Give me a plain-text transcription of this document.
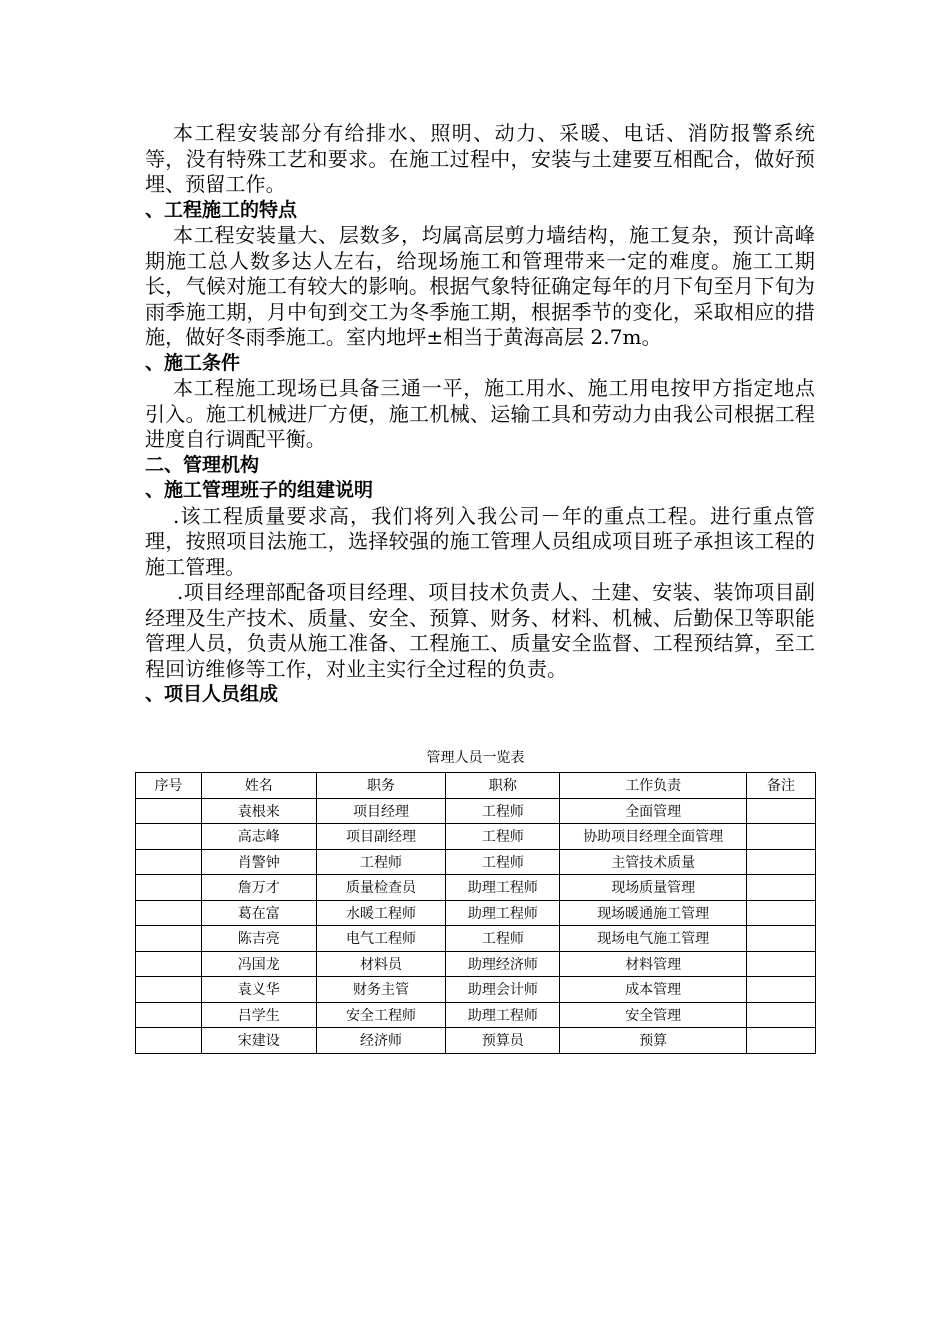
本工程安装部分有给排水、照明、动力、采暖、电话、消防报警系统等，没有特殊工艺和要求。在施工过程中，安装与土建要互相配合，做好预埋、预留工作。

、工程施工的特点

本工程安装量大、层数多，均属高层剪力墙结构，施工复杂，预计高峰期施工总人数多达人左右，给现场施工和管理带来一定的难度。施工工期长，气候对施工有较大的影响。根据气象特征确定每年的月下旬至月下旬为雨季施工期，月中旬到交工为冬季施工期，根据季节的变化，采取相应的措施，做好冬雨季施工。室内地坪±相当于黄海高层 2.7m。

、施工条件

本工程施工现场已具备三通一平，施工用水、施工用电按甲方指定地点引入。施工机械进厂方便，施工机械、运输工具和劳动力由我公司根据工程进度自行调配平衡。

二、管理机构

、施工管理班子的组建说明

.该工程质量要求高，我们将列入我公司－年的重点工程。进行重点管理，按照项目法施工，选择较强的施工管理人员组成项目班子承担该工程的施工管理。

.项目经理部配备项目经理、项目技术负责人、土建、安装、装饰项目副经理及生产技术、质量、安全、预算、财务、材料、机械、后勤保卫等职能管理人员，负责从施工准备、工程施工、质量安全监督、工程预结算，至工程回访维修等工作，对业主实行全过程的负责。

、项目人员组成

管理人员一览表
序号	姓名	职务	职称	工作负责	备注
	袁根来	项目经理	工程师	全面管理	
	高志峰	项目副经理	工程师	协助项目经理全面管理	
	肖警钟	工程师	工程师	主管技术质量	
	詹万才	质量检查员	助理工程师	现场质量管理	
	葛在富	水暖工程师	助理工程师	现场暖通施工管理	
	陈吉亮	电气工程师	工程师	现场电气施工管理	
	冯国龙	材料员	助理经济师	材料管理	
	袁义华	财务主管	助理会计师	成本管理	
	吕学生	安全工程师	助理工程师	安全管理	
	宋建设	经济师	预算员	预算	
